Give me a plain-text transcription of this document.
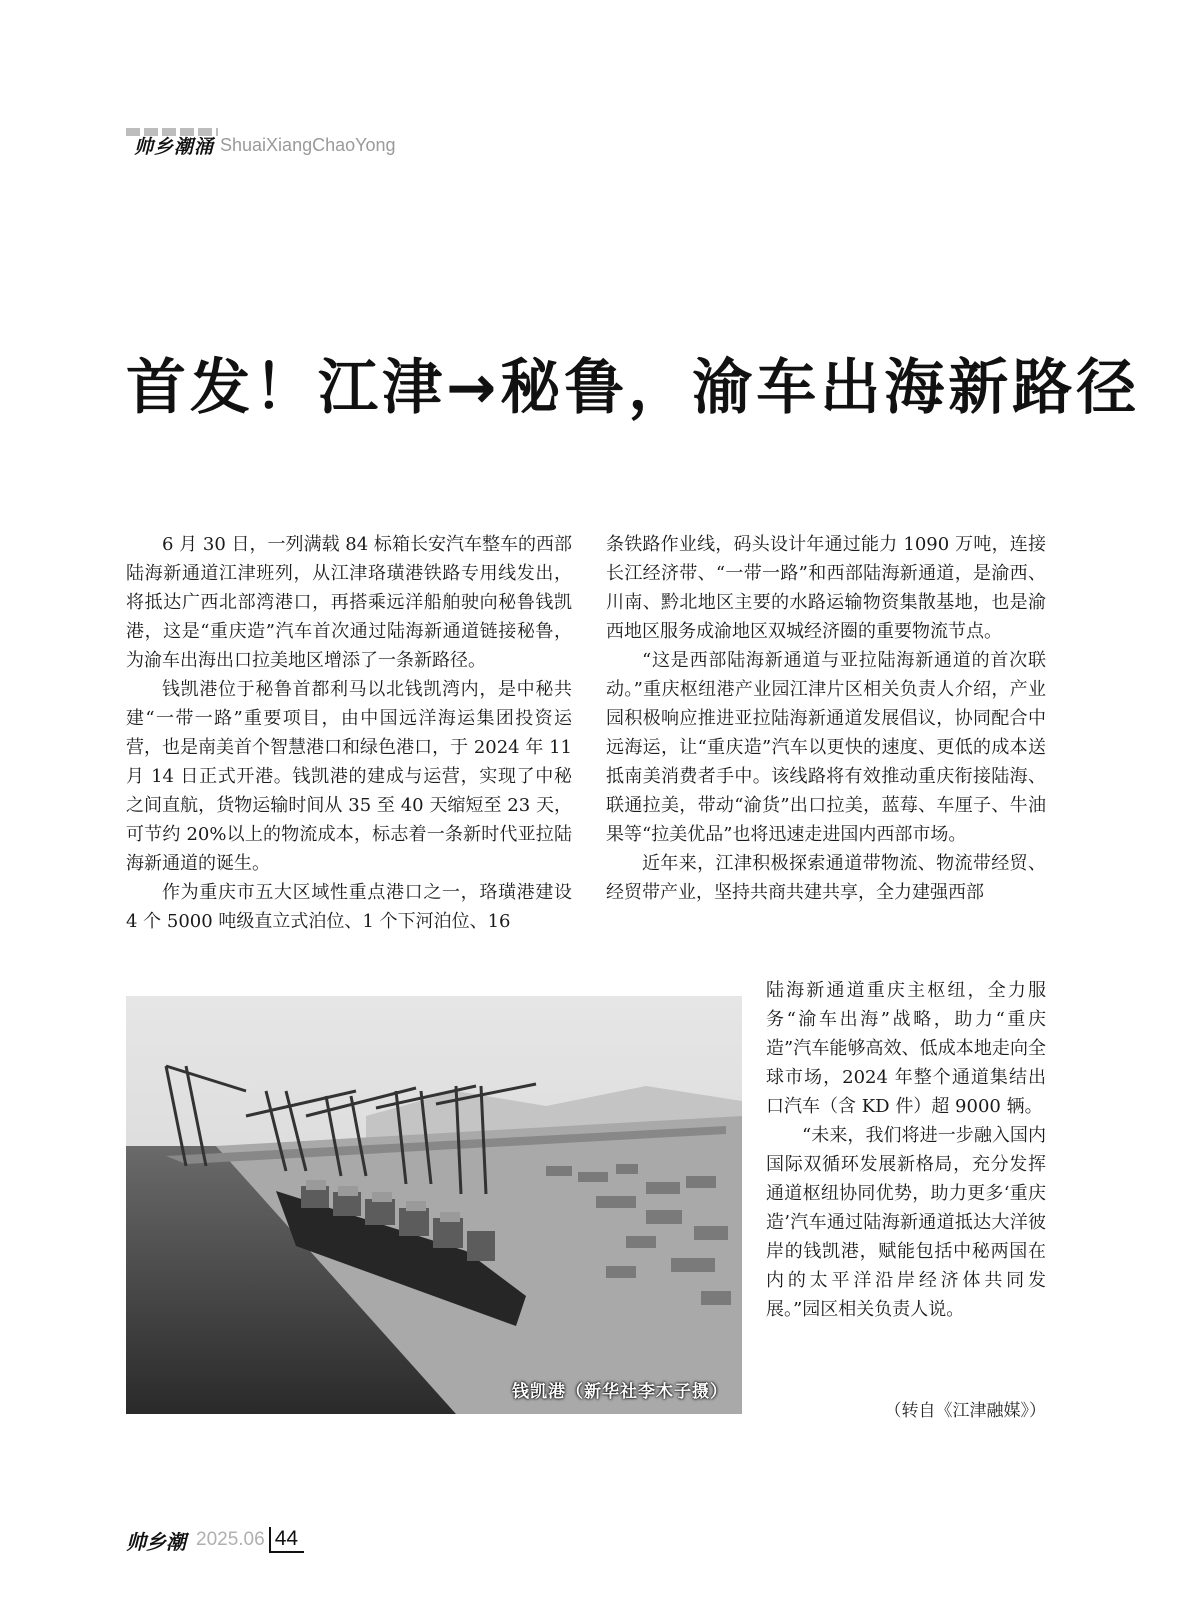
帅乡潮涌 ShuaiXiangChaoYong
首发！江津→秘鲁，渝车出海新路径

6 月 30 日，一列满载 84 标箱长安汽车整车的西部陆海新通道江津班列，从江津珞璜港铁路专用线发出，将抵达广西北部湾港口，再搭乘远洋船舶驶向秘鲁钱凯港，这是“重庆造”汽车首次通过陆海新通道链接秘鲁，为渝车出海出口拉美地区增添了一条新路径。

钱凯港位于秘鲁首都利马以北钱凯湾内，是中秘共建“一带一路”重要项目，由中国远洋海运集团投资运营，也是南美首个智慧港口和绿色港口，于 2024 年 11 月 14 日正式开港。钱凯港的建成与运营，实现了中秘之间直航，货物运输时间从 35 至 40 天缩短至 23 天，可节约 20%以上的物流成本，标志着一条新时代亚拉陆海新通道的诞生。

作为重庆市五大区域性重点港口之一，珞璜港建设 4 个 5000 吨级直立式泊位、1 个下河泊位、16

条铁路作业线，码头设计年通过能力 1090 万吨，连接长江经济带、“一带一路”和西部陆海新通道，是渝西、川南、黔北地区主要的水路运输物资集散基地，也是渝西地区服务成渝地区双城经济圈的重要物流节点。

“这是西部陆海新通道与亚拉陆海新通道的首次联动。”重庆枢纽港产业园江津片区相关负责人介绍，产业园积极响应推进亚拉陆海新通道发展倡议，协同配合中远海运，让“重庆造”汽车以更快的速度、更低的成本送抵南美消费者手中。该线路将有效推动重庆衔接陆海、联通拉美，带动“渝货”出口拉美，蓝莓、车厘子、牛油果等“拉美优品”也将迅速走进国内西部市场。

近年来，江津积极探索通道带物流、物流带经贸、经贸带产业，坚持共商共建共享，全力建强西部

陆海新通道重庆主枢纽，全力服务“渝车出海”战略，助力“重庆造”汽车能够高效、低成本地走向全球市场，2024 年整个通道集结出口汽车（含 KD 件）超 9000 辆。

“未来，我们将进一步融入国内国际双循环发展新格局，充分发挥通道枢纽协同优势，助力更多‘重庆造’汽车通过陆海新通道抵达大洋彼岸的钱凯港，赋能包括中秘两国在内的太平洋沿岸经济体共同发展。”园区相关负责人说。

钱凯港（新华社李木子摄）
（转自《江津融媒》）
帅乡潮 2025.06 44
